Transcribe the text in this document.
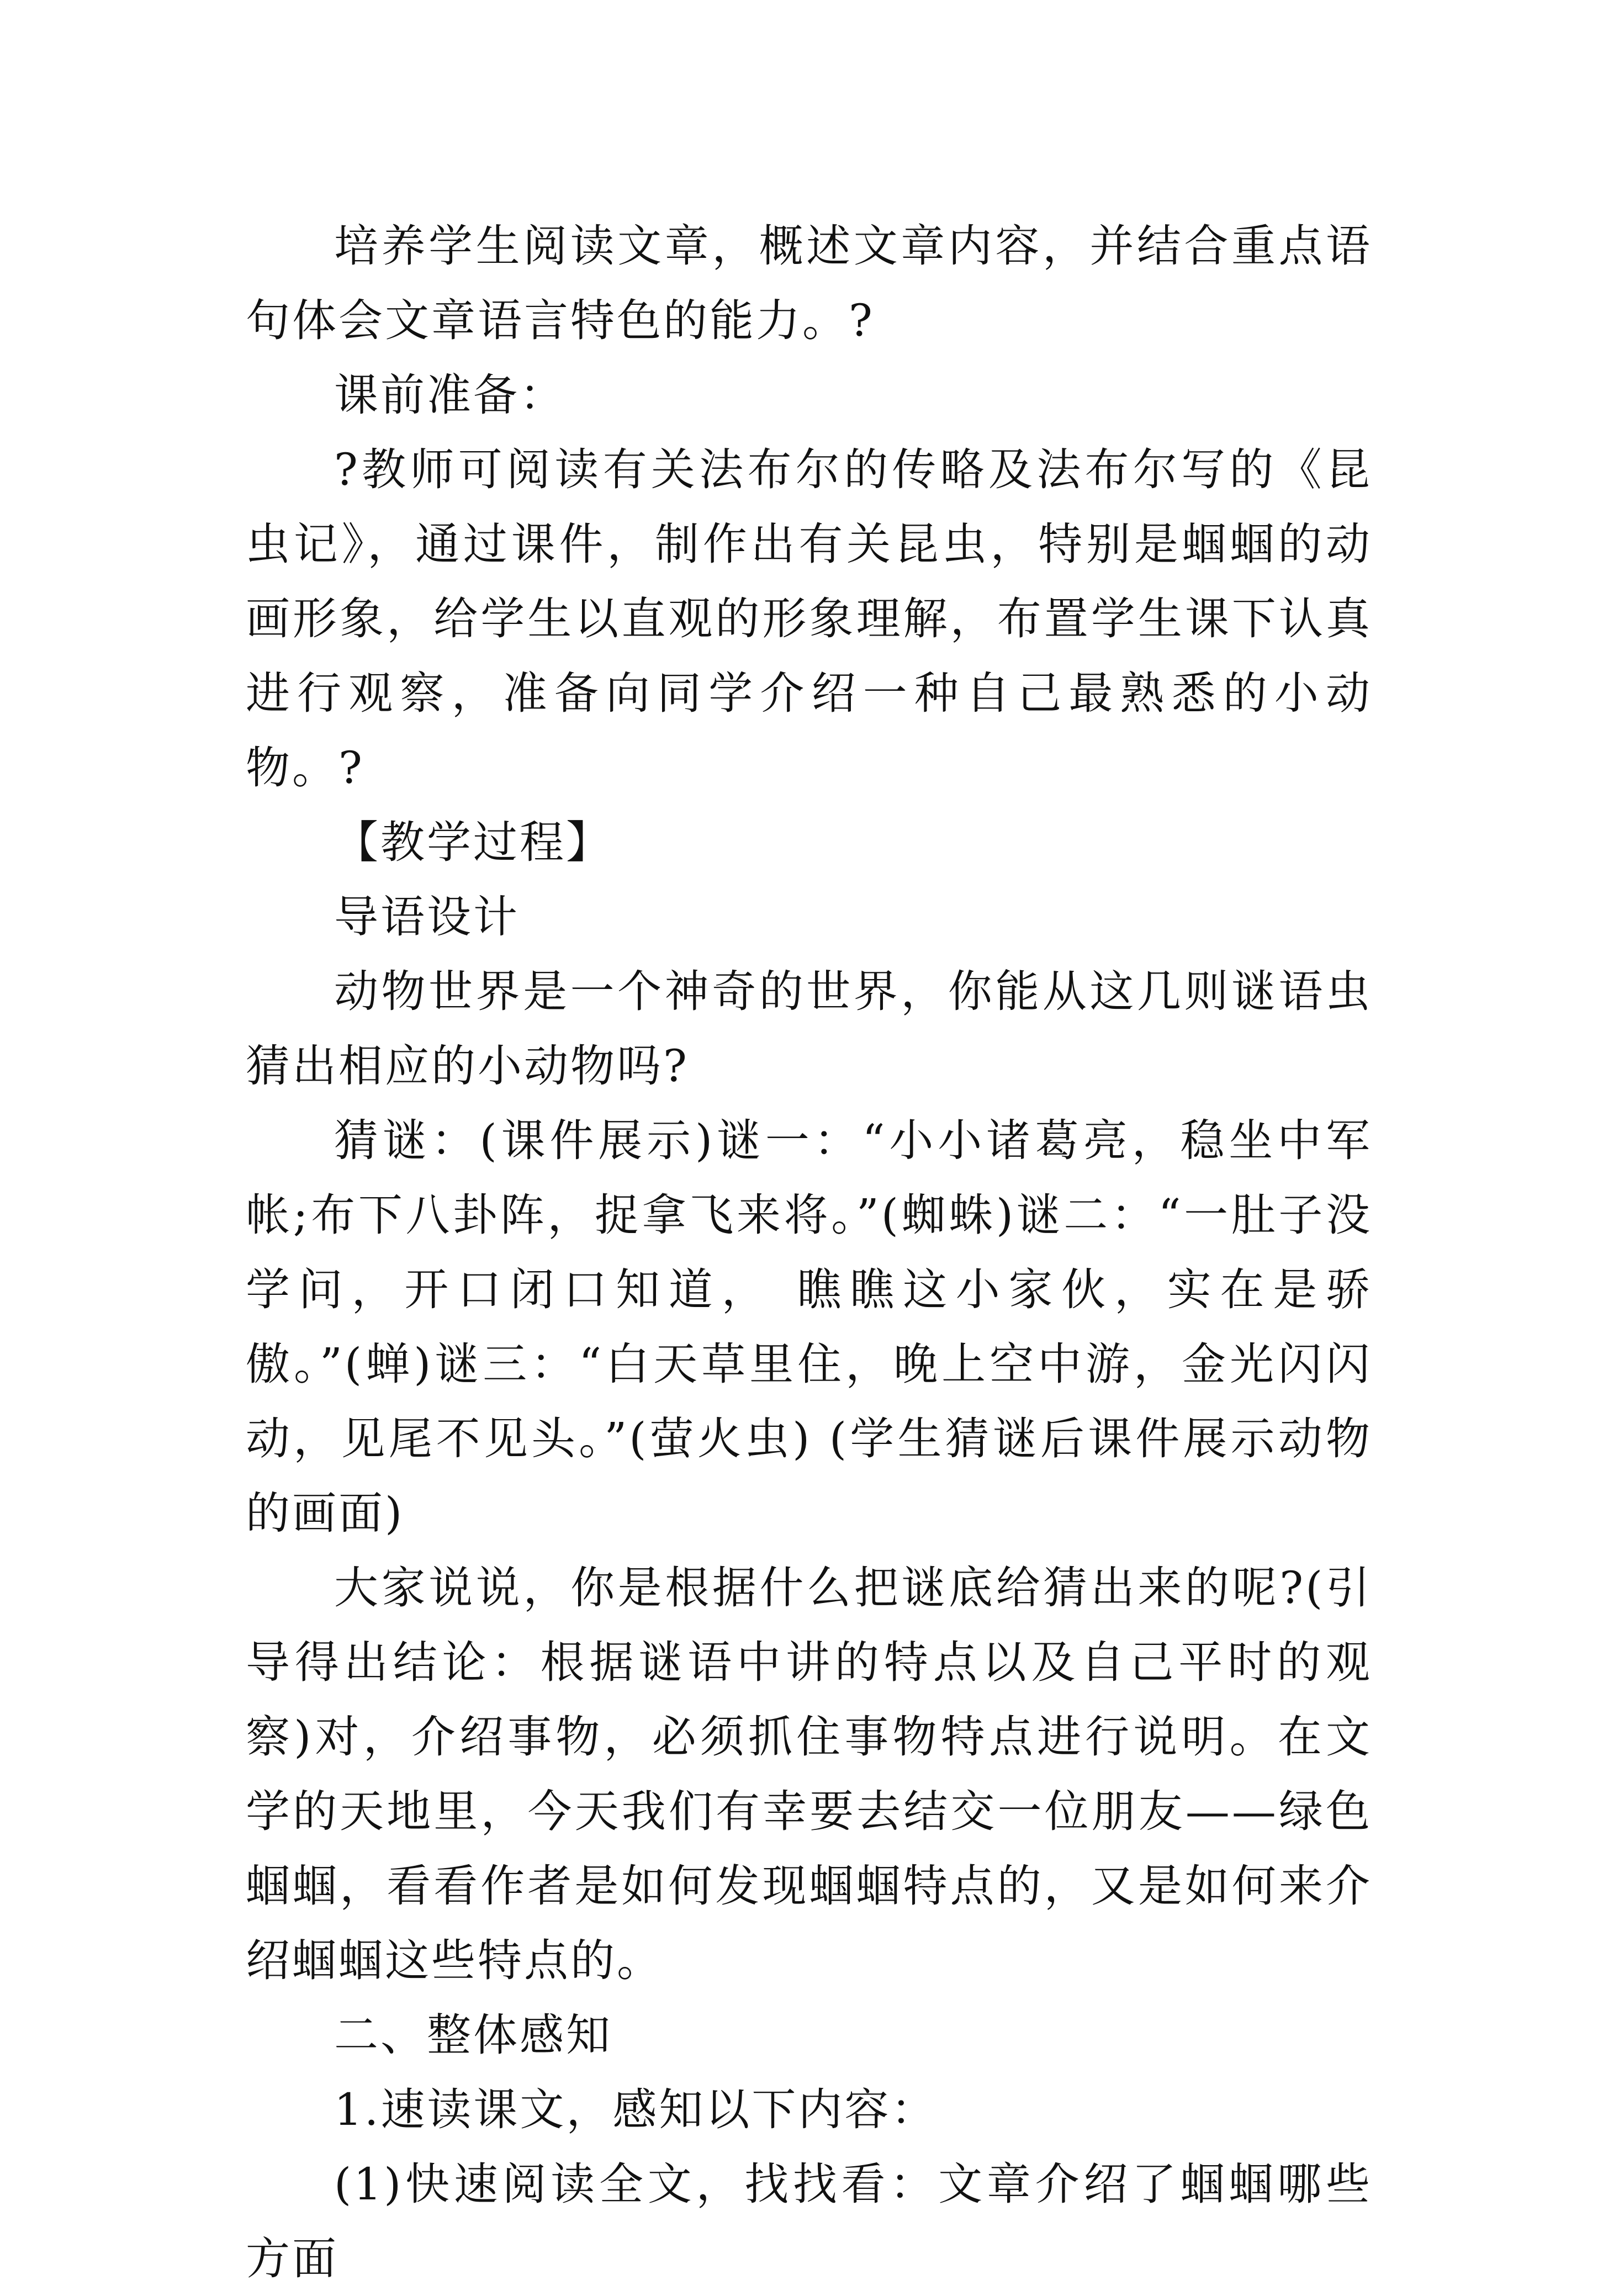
培养学生阅读文章，概述文章内容，并结合重点语句体会文章语言特色的能力。?

课前准备：

?教师可阅读有关法布尔的传略及法布尔写的《昆虫记》，通过课件，制作出有关昆虫，特别是蝈蝈的动画形象，给学生以直观的形象理解，布置学生课下认真进行观察，准备向同学介绍一种自己最熟悉的小动物。?

【教学过程】

导语设计

动物世界是一个神奇的世界，你能从这几则谜语虫猜出相应的小动物吗?

猜谜：(课件展示)谜一：“小小诸葛亮，稳坐中军帐;布下八卦阵，捉拿飞来将。”(蜘蛛)谜二：“一肚子没学问，开口闭口知道， 瞧瞧这小家伙，实在是骄傲。”(蝉)谜三：“白天草里住，晚上空中游，金光闪闪动，见尾不见头。”(萤火虫) (学生猜谜后课件展示动物的画面)

大家说说，你是根据什么把谜底给猜出来的呢?(引导得出结论：根据谜语中讲的特点以及自己平时的观察)对，介绍事物，必须抓住事物特点进行说明。在文学的天地里，今天我们有幸要去结交一位朋友——绿色蝈蝈，看看作者是如何发现蝈蝈特点的，又是如何来介绍蝈蝈这些特点的。

二、整体感知

1.速读课文，感知以下内容：

(1)快速阅读全文，找找看：文章介绍了蝈蝈哪些方面
